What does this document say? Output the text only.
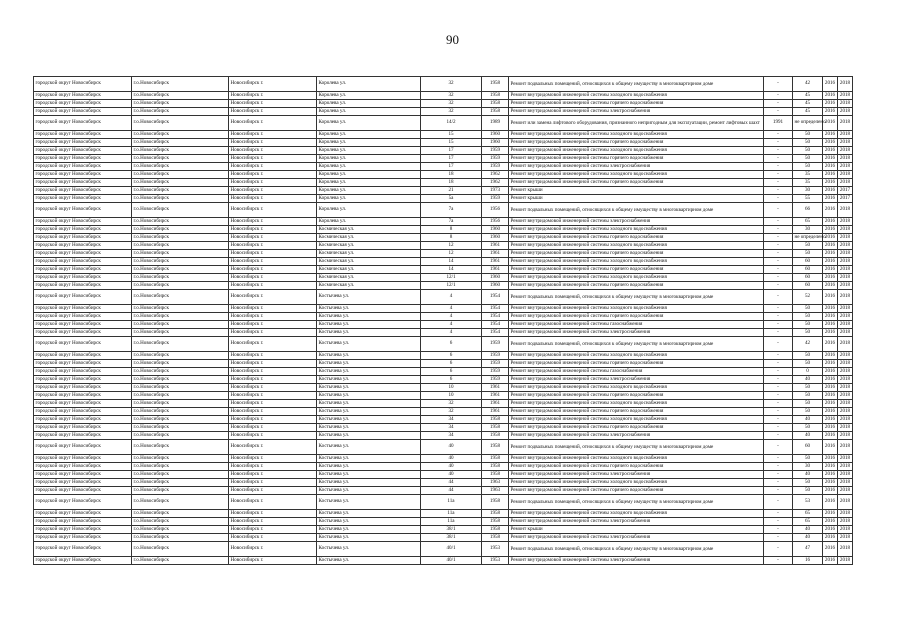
90
городской округ Новосибирск	г.о.Новосибирск	Новосибирск г.	Королева ул.	32	1958	Ремонт подвальных помещений, относящихся к общему имуществу в многоквартирном доме	-	42	2016	2018
городской округ Новосибирск	г.о.Новосибирск	Новосибирск г.	Королева ул.	32	1958	Ремонт внутридомовой инженерной системы холодного водоснабжения	-	45	2016	2018
городской округ Новосибирск	г.о.Новосибирск	Новосибирск г.	Королева ул.	32	1958	Ремонт внутридомовой инженерной системы горячего водоснабжения	-	45	2016	2018
городской округ Новосибирск	г.о.Новосибирск	Новосибирск г.	Королева ул.	32	1958	Ремонт внутридомовой инженерной системы электроснабжения	-	45	2016	2018
городской округ Новосибирск	г.о.Новосибирск	Новосибирск г.	Королева ул.	14/2	1989	Ремонт или замена лифтового оборудования, признанного непригодным для эксплуатации, ремонт лифтовых шахт	1991	не определено	2016	2018
городской округ Новосибирск	г.о.Новосибирск	Новосибирск г.	Королева ул.	15	1960	Ремонт внутридомовой инженерной системы холодного водоснабжения	-	50	2016	2018
городской округ Новосибирск	г.о.Новосибирск	Новосибирск г.	Королева ул.	15	1960	Ремонт внутридомовой инженерной системы горячего водоснабжения	-	50	2016	2018
городской округ Новосибирск	г.о.Новосибирск	Новосибирск г.	Королева ул.	17	1959	Ремонт внутридомовой инженерной системы холодного водоснабжения	-	50	2016	2018
городской округ Новосибирск	г.о.Новосибирск	Новосибирск г.	Королева ул.	17	1959	Ремонт внутридомовой инженерной системы горячего водоснабжения	-	50	2016	2018
городской округ Новосибирск	г.о.Новосибирск	Новосибирск г.	Королева ул.	17	1959	Ремонт внутридомовой инженерной системы электроснабжения	-	50	2016	2018
городской округ Новосибирск	г.о.Новосибирск	Новосибирск г.	Королева ул.	18	1962	Ремонт внутридомовой инженерной системы холодного водоснабжения	-	35	2016	2018
городской округ Новосибирск	г.о.Новосибирск	Новосибирск г.	Королева ул.	18	1962	Ремонт внутридомовой инженерной системы горячего водоснабжения	-	35	2016	2018
городской округ Новосибирск	г.о.Новосибирск	Новосибирск г.	Королева ул.	21	1973	Ремонт крыши	-	30	2016	2017
городской округ Новосибирск	г.о.Новосибирск	Новосибирск г.	Королева ул.	5а	1959	Ремонт крыши	-	55	2016	2017
городской округ Новосибирск	г.о.Новосибирск	Новосибирск г.	Королева ул.	7а	1956	Ремонт подвальных помещений, относящихся к общему имуществу в многоквартирном доме	-	66	2016	2018
городской округ Новосибирск	г.о.Новосибирск	Новосибирск г.	Королева ул.	7а	1956	Ремонт внутридомовой инженерной системы электроснабжения	-	65	2016	2018
городской округ Новосибирск	г.о.Новосибирск	Новосибирск г.	Космическая ул.	8	1960	Ремонт внутридомовой инженерной системы холодного водоснабжения	-	30	2016	2018
городской округ Новосибирск	г.о.Новосибирск	Новосибирск г.	Космическая ул.	8	1960	Ремонт внутридомовой инженерной системы горячего водоснабжения	-	не определено	2016	2018
городской округ Новосибирск	г.о.Новосибирск	Новосибирск г.	Космическая ул.	12	1961	Ремонт внутридомовой инженерной системы холодного водоснабжения	-	50	2016	2018
городской округ Новосибирск	г.о.Новосибирск	Новосибирск г.	Космическая ул.	12	1961	Ремонт внутридомовой инженерной системы горячего водоснабжения	-	50	2016	2018
городской округ Новосибирск	г.о.Новосибирск	Новосибирск г.	Космическая ул.	14	1961	Ремонт внутридомовой инженерной системы холодного водоснабжения	-	60	2016	2018
городской округ Новосибирск	г.о.Новосибирск	Новосибирск г.	Космическая ул.	14	1961	Ремонт внутридомовой инженерной системы горячего водоснабжения	-	60	2016	2018
городской округ Новосибирск	г.о.Новосибирск	Новосибирск г.	Космическая ул.	12/1	1960	Ремонт внутридомовой инженерной системы холодного водоснабжения	-	60	2016	2018
городской округ Новосибирск	г.о.Новосибирск	Новосибирск г.	Космическая ул.	12/1	1960	Ремонт внутридомовой инженерной системы горячего водоснабжения	-	60	2016	2018
городской округ Новосибирск	г.о.Новосибирск	Новосибирск г.	Костычева ул.	4	1954	Ремонт подвальных помещений, относящихся к общему имуществу в многоквартирном доме	-	52	2016	2018
городской округ Новосибирск	г.о.Новосибирск	Новосибирск г.	Костычева ул.	4	1954	Ремонт внутридомовой инженерной системы холодного водоснабжения	-	50	2016	2018
городской округ Новосибирск	г.о.Новосибирск	Новосибирск г.	Костычева ул.	4	1954	Ремонт внутридомовой инженерной системы горячего водоснабжения	-	50	2016	2018
городской округ Новосибирск	г.о.Новосибирск	Новосибирск г.	Костычева ул.	4	1954	Ремонт внутридомовой инженерной системы газоснабжения	-	50	2016	2018
городской округ Новосибирск	г.о.Новосибирск	Новосибирск г.	Костычева ул.	4	1954	Ремонт внутридомовой инженерной системы электроснабжения	-	50	2016	2018
городской округ Новосибирск	г.о.Новосибирск	Новосибирск г.	Костычева ул.	6	1959	Ремонт подвальных помещений, относящихся к общему имуществу в многоквартирном доме	-	42	2016	2018
городской округ Новосибирск	г.о.Новосибирск	Новосибирск г.	Костычева ул.	6	1959	Ремонт внутридомовой инженерной системы холодного водоснабжения	-	50	2016	2018
городской округ Новосибирск	г.о.Новосибирск	Новосибирск г.	Костычева ул.	6	1959	Ремонт внутридомовой инженерной системы горячего водоснабжения	-	50	2016	2018
городской округ Новосибирск	г.о.Новосибирск	Новосибирск г.	Костычева ул.	6	1959	Ремонт внутридомовой инженерной системы газоснабжения	-	0	2016	2018
городской округ Новосибирск	г.о.Новосибирск	Новосибирск г.	Костычева ул.	6	1959	Ремонт внутридомовой инженерной системы электроснабжения	-	40	2016	2018
городской округ Новосибирск	г.о.Новосибирск	Новосибирск г.	Костычева ул.	10	1961	Ремонт внутридомовой инженерной системы холодного водоснабжения	-	50	2016	2018
городской округ Новосибирск	г.о.Новосибирск	Новосибирск г.	Костычева ул.	10	1961	Ремонт внутридомовой инженерной системы горячего водоснабжения	-	50	2016	2018
городской округ Новосибирск	г.о.Новосибирск	Новосибирск г.	Костычева ул.	32	1961	Ремонт внутридомовой инженерной системы холодного водоснабжения	-	50	2016	2018
городской округ Новосибирск	г.о.Новосибирск	Новосибирск г.	Костычева ул.	32	1961	Ремонт внутридомовой инженерной системы горячего водоснабжения	-	50	2016	2018
городской округ Новосибирск	г.о.Новосибирск	Новосибирск г.	Костычева ул.	34	1958	Ремонт внутридомовой инженерной системы холодного водоснабжения	-	40	2016	2018
городской округ Новосибирск	г.о.Новосибирск	Новосибирск г.	Костычева ул.	34	1958	Ремонт внутридомовой инженерной системы горячего водоснабжения	-	50	2016	2018
городской округ Новосибирск	г.о.Новосибирск	Новосибирск г.	Костычева ул.	34	1958	Ремонт внутридомовой инженерной системы электроснабжения	-	40	2016	2018
городской округ Новосибирск	г.о.Новосибирск	Новосибирск г.	Костычева ул.	40	1958	Ремонт подвальных помещений, относящихся к общему имуществу в многоквартирном доме	-	60	2016	2018
городской округ Новосибирск	г.о.Новосибирск	Новосибирск г.	Костычева ул.	40	1958	Ремонт внутридомовой инженерной системы холодного водоснабжения	-	50	2016	2018
городской округ Новосибирск	г.о.Новосибирск	Новосибирск г.	Костычева ул.	40	1958	Ремонт внутридомовой инженерной системы горячего водоснабжения	-	30	2016	2018
городской округ Новосибирск	г.о.Новосибирск	Новосибирск г.	Костычева ул.	40	1958	Ремонт внутридомовой инженерной системы электроснабжения	-	40	2016	2018
городской округ Новосибирск	г.о.Новосибирск	Новосибирск г.	Костычева ул.	44	1963	Ремонт внутридомовой инженерной системы холодного водоснабжения	-	50	2016	2018
городской округ Новосибирск	г.о.Новосибирск	Новосибирск г.	Костычева ул.	44	1963	Ремонт внутридомовой инженерной системы горячего водоснабжения	-	50	2016	2018
городской округ Новосибирск	г.о.Новосибирск	Новосибирск г.	Костычева ул.	11а	1958	Ремонт подвальных помещений, относящихся к общему имуществу в многоквартирном доме	-	53	2016	2018
городской округ Новосибирск	г.о.Новосибирск	Новосибирск г.	Костычева ул.	11а	1958	Ремонт внутридомовой инженерной системы холодного водоснабжения	-	65	2016	2018
городской округ Новосибирск	г.о.Новосибирск	Новосибирск г.	Костычева ул.	11а	1958	Ремонт внутридомовой инженерной системы электроснабжения	-	65	2016	2018
городской округ Новосибирск	г.о.Новосибирск	Новосибирск г.	Костычева ул.	38/1	1958	Ремонт крыши	-	40	2016	2018
городской округ Новосибирск	г.о.Новосибирск	Новосибирск г.	Костычева ул.	38/1	1958	Ремонт внутридомовой инженерной системы электроснабжения	-	40	2016	2018
городской округ Новосибирск	г.о.Новосибирск	Новосибирск г.	Костычева ул.	40/1	1953	Ремонт подвальных помещений, относящихся к общему имуществу в многоквартирном доме	-	47	2016	2018
городской округ Новосибирск	г.о.Новосибирск	Новосибирск г.	Костычева ул.	40/1	1953	Ремонт внутридомовой инженерной системы электроснабжения	-	16	2016	2018
